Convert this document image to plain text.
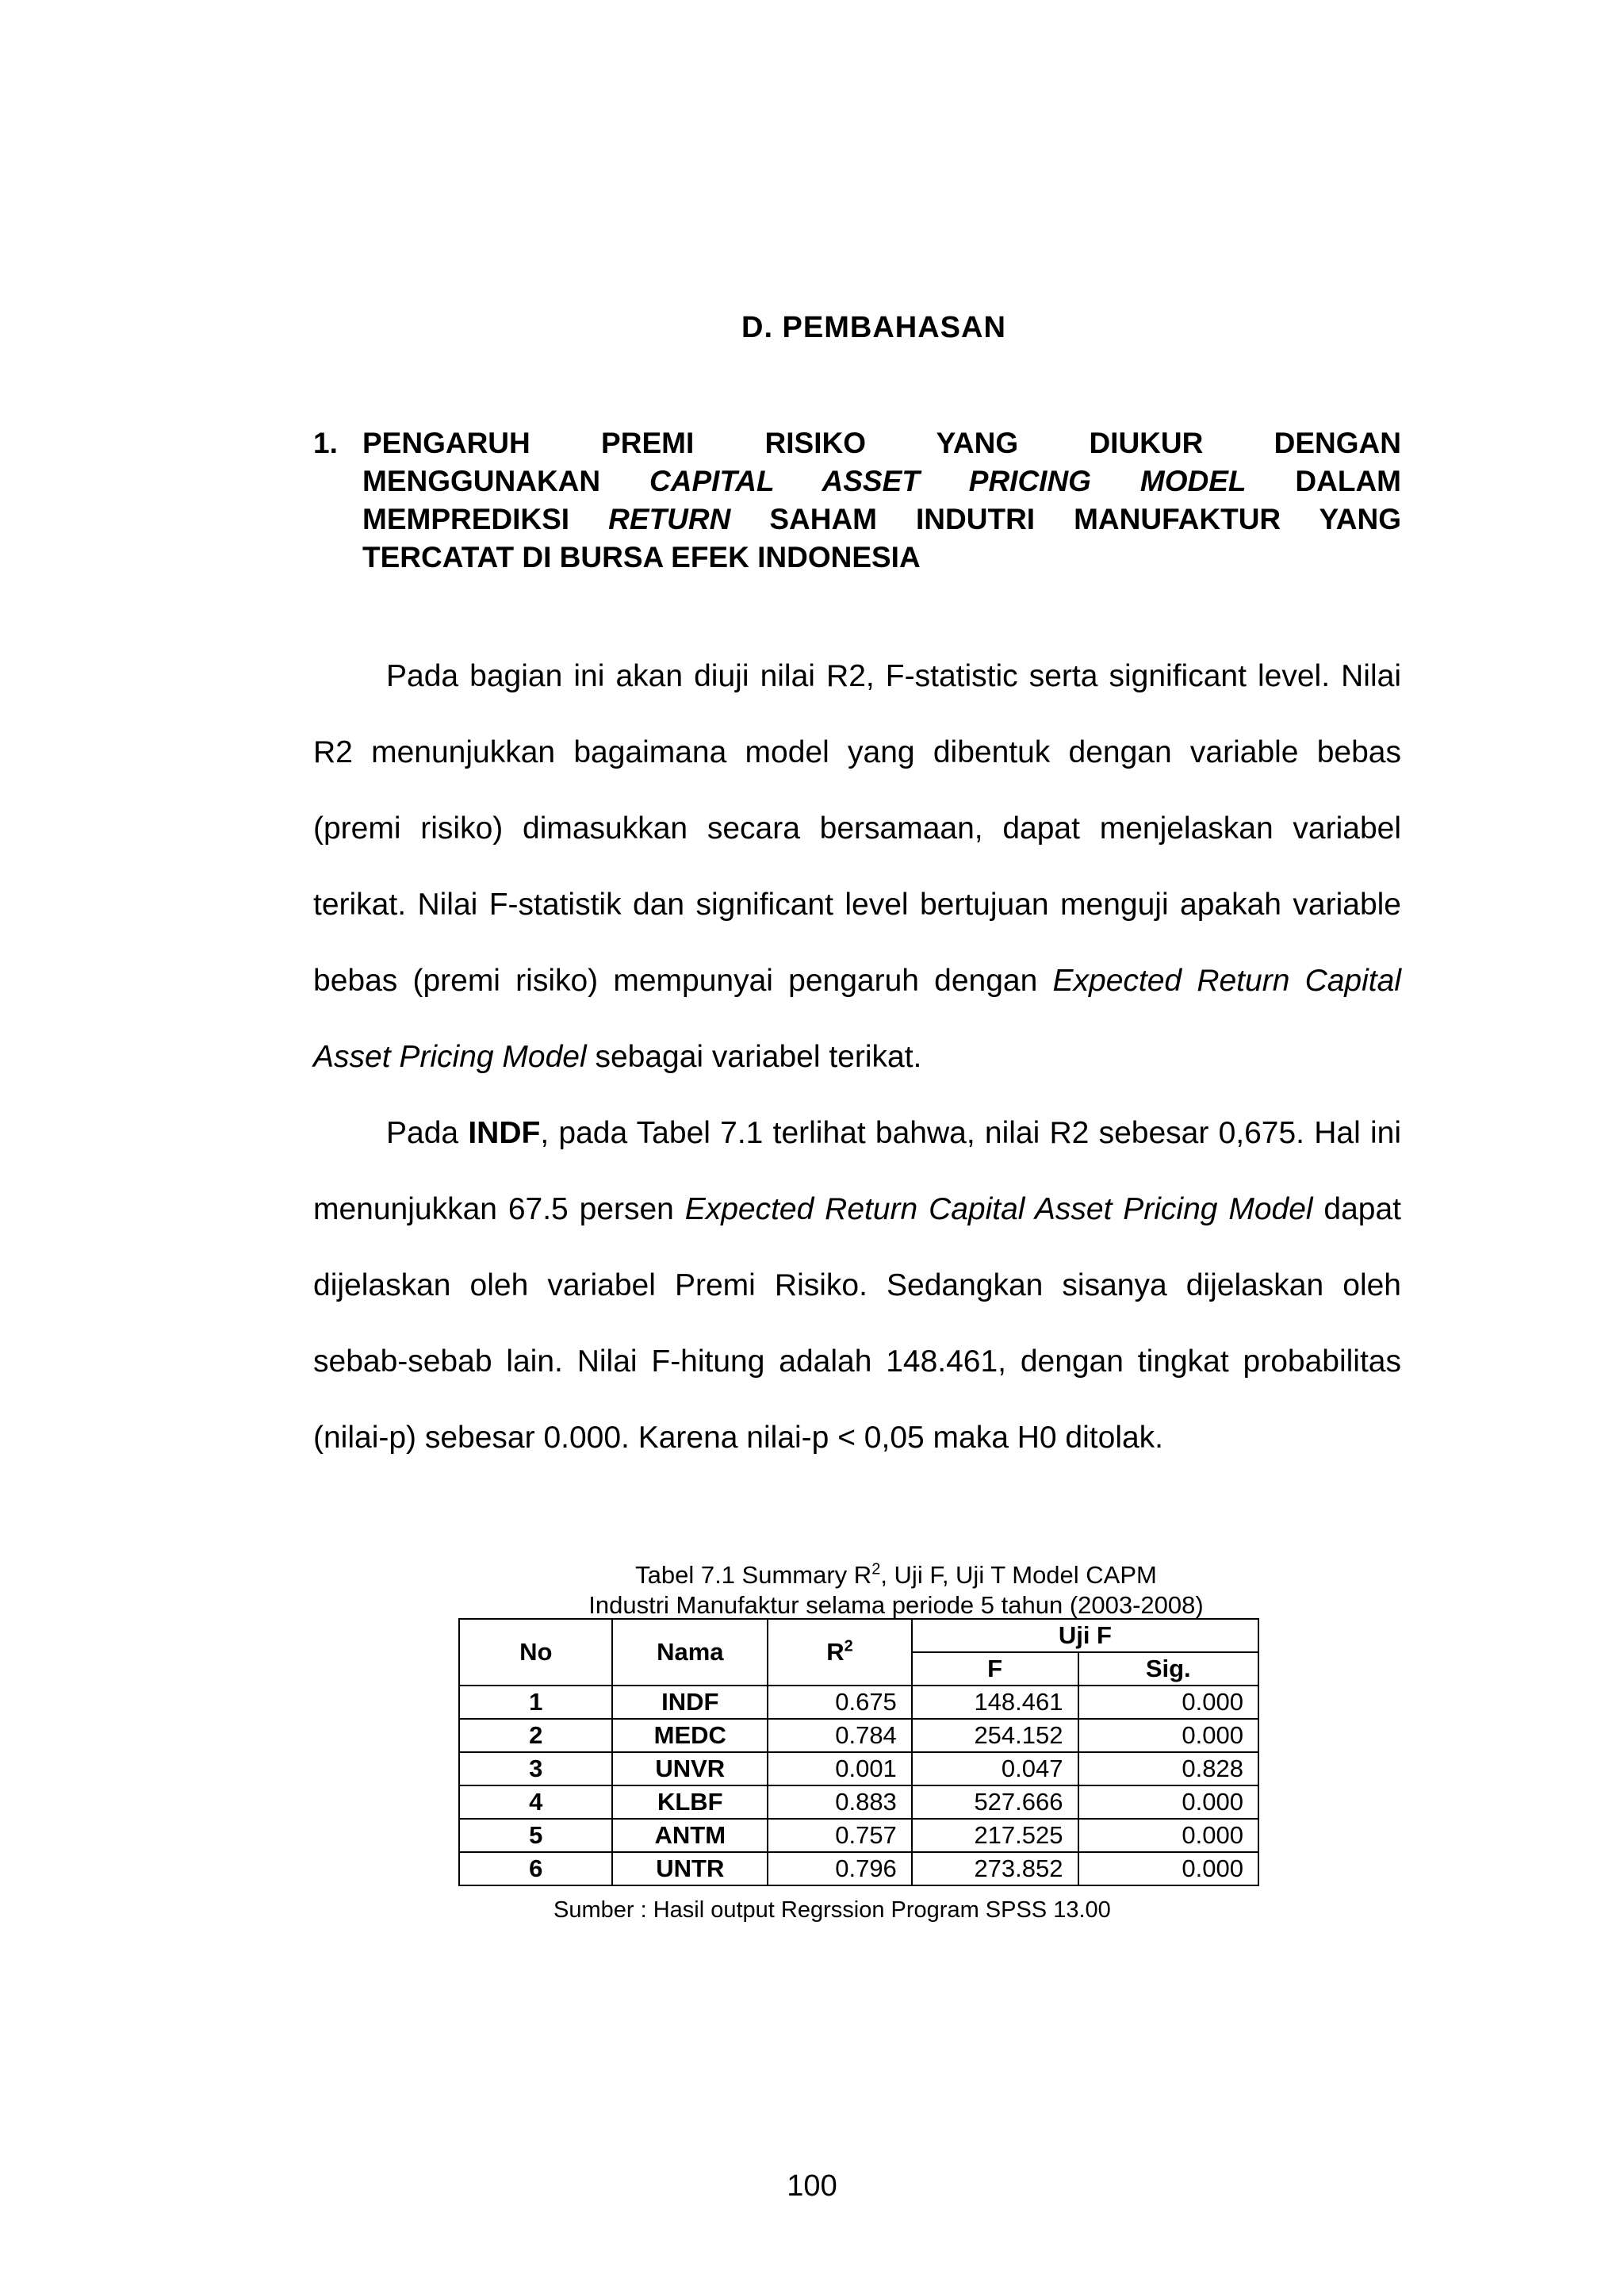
D. PEMBAHASAN
1. PENGARUH PREMI RISIKO YANG DIUKUR DENGAN
MENGGUNAKAN CAPITAL ASSET PRICING MODEL DALAM
MEMPREDIKSI RETURN SAHAM INDUTRI MANUFAKTUR YANG
TERCATAT DI BURSA EFEK INDONESIA
Pada bagian ini akan diuji nilai R2, F-statistic serta significant level. Nilai R2 menunjukkan bagaimana model yang dibentuk dengan variable bebas (premi risiko) dimasukkan secara bersamaan, dapat menjelaskan variabel terikat. Nilai F-statistik dan significant level bertujuan menguji apakah variable bebas (premi risiko) mempunyai pengaruh dengan Expected Return Capital Asset Pricing Model sebagai variabel terikat.
Pada INDF, pada Tabel 7.1 terlihat bahwa, nilai R2 sebesar 0,675. Hal ini menunjukkan 67.5 persen Expected Return Capital Asset Pricing Model dapat dijelaskan oleh variabel Premi Risiko. Sedangkan sisanya dijelaskan oleh sebab-sebab lain. Nilai F-hitung adalah 148.461, dengan tingkat probabilitas (nilai-p) sebesar 0.000. Karena nilai-p < 0,05 maka H0 ditolak.
Tabel 7.1 Summary $R^2$, Uji F, Uji T Model CAPM
Industri Manufaktur selama periode 5 tahun (2003-2008)
No	Nama	$R^2$	Uji F	
			F	Sig.
1	INDF	0.675	148.461	0.000
2	MEDC	0.784	254.152	0.000
3	UNVR	0.001	0.047	0.828
4	KLBF	0.883	527.666	0.000
5	ANTM	0.757	217.525	0.000
6	UNTR	0.796	273.852	0.000
Sumber : Hasil output Regrssion Program SPSS 13.00
100
